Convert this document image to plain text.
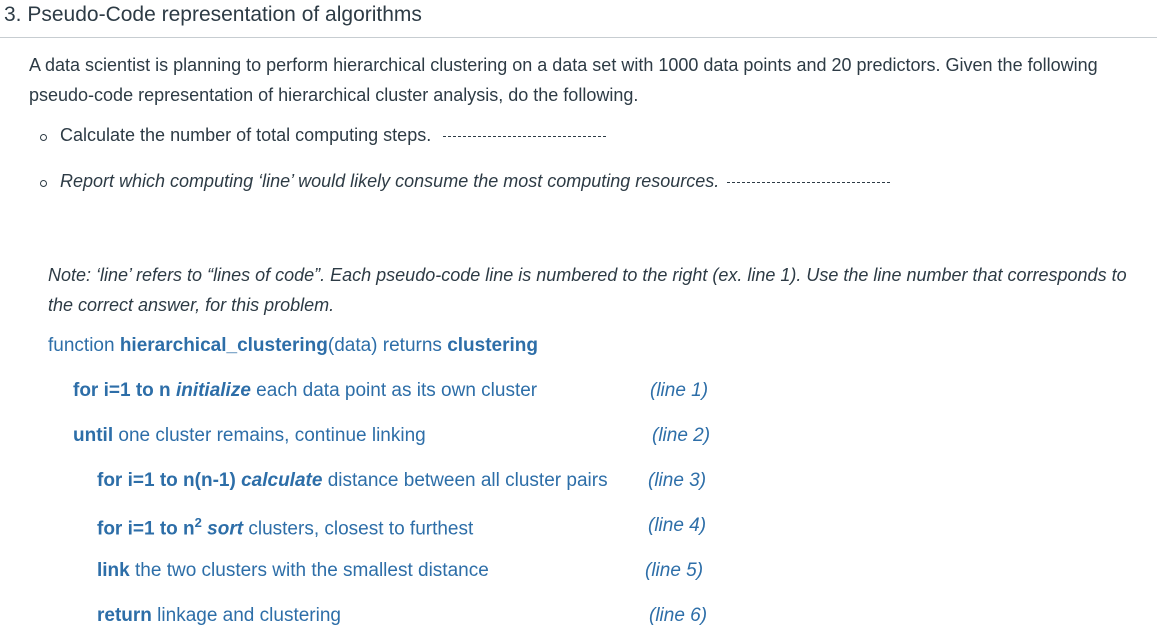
3. Pseudo-Code representation of algorithms
A data scientist is planning to perform hierarchical clustering on a data set with 1000 data points and 20 predictors. Given the following pseudo-code representation of hierarchical cluster analysis, do the following.
Calculate the number of total computing steps.
Report which computing ‘line’ would likely consume the most computing resources.
Note: ‘line’ refers to “lines of code”. Each pseudo-code line is numbered to the right (ex. line 1). Use the line number that corresponds to the correct answer, for this problem.
function hierarchical_clustering(data) returns clustering
for i=1 to n initialize each data point as its own cluster	(line 1)
until one cluster remains, continue linking	(line 2)
for i=1 to n(n-1) calculate distance between all cluster pairs (line 3)
for i=1 to $n^2$ sort clusters, closest to furthest	(line 4)
link the two clusters with the smallest distance	(line 5)
return linkage and clustering	(line 6)
